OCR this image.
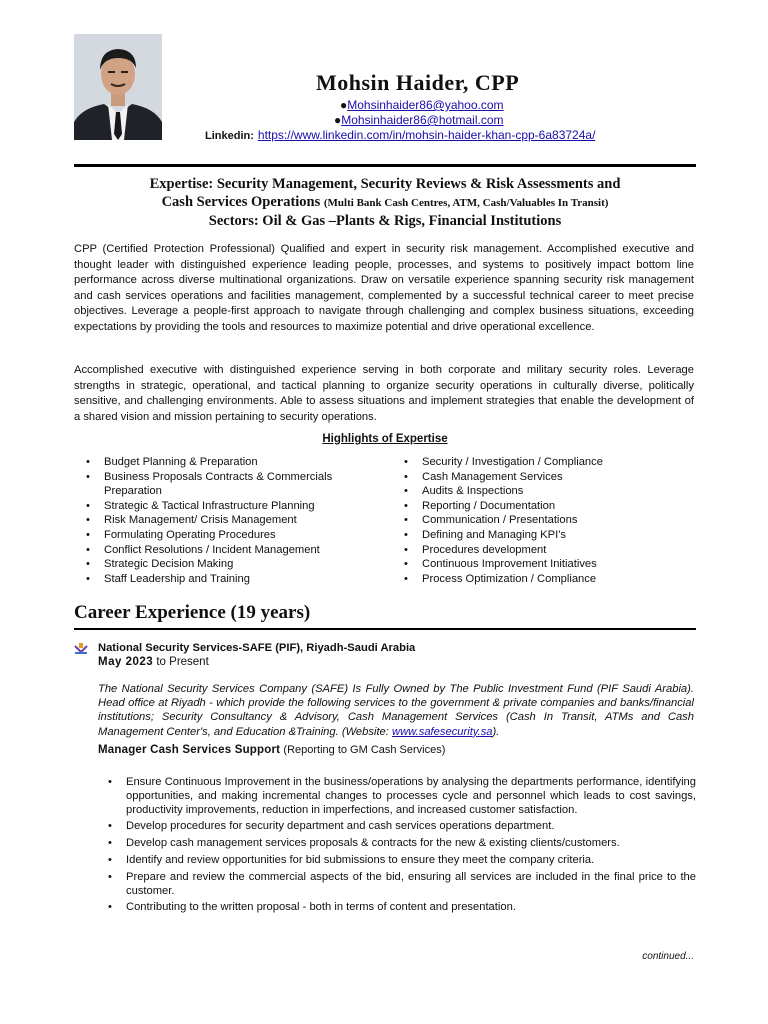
Mohsin Haider, CPP
●Mohsinhaider86@yahoo.com
●Mohsinhaider86@hotmail.com
Linkedin: https://www.linkedin.com/in/mohsin-haider-khan-cpp-6a83724a/
Expertise: Security Management, Security Reviews & Risk Assessments and
Cash Services Operations (Multi Bank Cash Centres, ATM, Cash/Valuables In Transit)
Sectors: Oil & Gas –Plants & Rigs, Financial Institutions
CPP (Certified Protection Professional) Qualified and expert in security risk management. Accomplished executive and thought leader with distinguished experience leading people, processes, and systems to positively impact bottom line performance across diverse multinational organizations. Draw on versatile experience spanning security risk management and cash services operations and facilities management, complemented by a successful technical career to meet precise objectives. Leverage a people-first approach to navigate through challenging and complex business situations, exceeding expectations by providing the tools and resources to maximize potential and drive operational excellence.
Accomplished executive with distinguished experience serving in both corporate and military security roles. Leverage strengths in strategic, operational, and tactical planning to organize security operations in culturally diverse, politically sensitive, and challenging environments. Able to assess situations and implement strategies that enable the development of a shared vision and mission pertaining to security operations.
Highlights of Expertise
• Budget Planning & Preparation
• Business Proposals Contracts & Commercials Preparation
• Strategic & Tactical Infrastructure Planning
• Risk Management/ Crisis Management
• Formulating Operating Procedures
• Conflict Resolutions / Incident Management
• Strategic Decision Making
• Staff Leadership and Training
• Security / Investigation / Compliance
• Cash Management Services
• Audits & Inspections
• Reporting / Documentation
• Communication / Presentations
• Defining and Managing KPI's
• Procedures development
• Continuous Improvement Initiatives
• Process Optimization / Compliance
Career Experience (19 years)
National Security Services-SAFE (PIF), Riyadh-Saudi Arabia
May 2023 to Present
The National Security Services Company (SAFE) Is Fully Owned by The Public Investment Fund (PIF Saudi Arabia). Head office at Riyadh - which provide the following services to the government & private companies and banks/financial institutions; Security Consultancy & Advisory, Cash Management Services (Cash In Transit, ATMs and Cash Management Center's, and Education &Training. (Website: www.safesecurity.sa).
Manager Cash Services Support (Reporting to GM Cash Services)
• Ensure Continuous Improvement in the business/operations by analysing the departments performance, identifying opportunities, and making incremental changes to processes cycle and personnel which leads to cost savings, productivity improvements, reduction in imperfections, and increased customer satisfaction.
• Develop procedures for security department and cash services operations department.
• Develop cash management services proposals & contracts for the new & existing clients/customers.
• Identify and review opportunities for bid submissions to ensure they meet the company criteria.
• Prepare and review the commercial aspects of the bid, ensuring all services are included in the final price to the customer.
• Contributing to the written proposal - both in terms of content and presentation.
continued...
